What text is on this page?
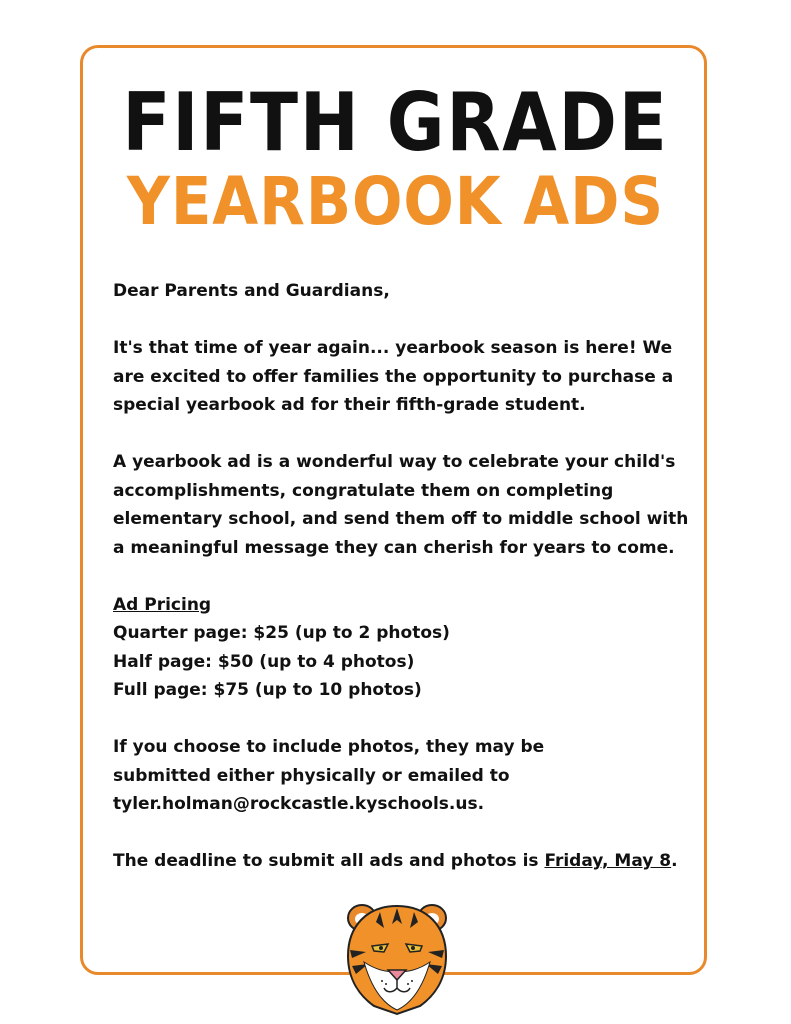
FIFTH GRADE
YEARBOOK ADS

Dear Parents and Guardians,

It's that time of year again... yearbook season is here! We are excited to offer families the opportunity to purchase a special yearbook ad for their fifth-grade student.

A yearbook ad is a wonderful way to celebrate your child's accomplishments, congratulate them on completing elementary school, and send them off to middle school with a meaningful message they can cherish for years to come.

Ad Pricing
Quarter page: $25 (up to 2 photos)
Half page: $50 (up to 4 photos)
Full page: $75 (up to 10 photos)

If you choose to include photos, they may be submitted either physically or emailed to
tyler.holman@rockcastle.kyschools.us.

The deadline to submit all ads and photos is Friday, May 8.
